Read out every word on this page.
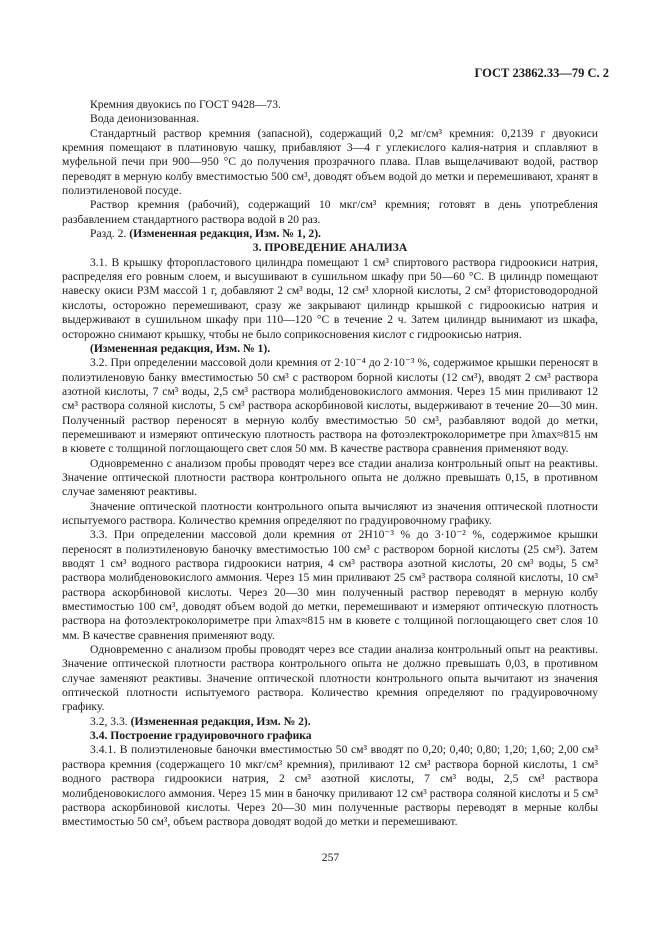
ГОСТ 23862.33—79 С. 2

Кремния двуокись по ГОСТ 9428—73.

Вода деионизованная.

Стандартный раствор кремния (запасной), содержащий 0,2 мг/см³ кремния: 0,2139 г двуокиси кремния помещают в платиновую чашку, прибавляют 3—4 г углекислого калия-натрия и сплавляют в муфельной печи при 900—950 °С до получения прозрачного плава. Плав выщелачивают водой, раствор переводят в мерную колбу вместимостью 500 см³, доводят объем водой до метки и перемешивают, хранят в полиэтиленовой посуде.

Раствор кремния (рабочий), содержащий 10 мкг/см³ кремния; готовят в день употребления разбавлением стандартного раствора водой в 20 раз.

Разд. 2. (Измененная редакция, Изм. № 1, 2).

3. ПРОВЕДЕНИЕ АНАЛИЗА

3.1. В крышку фторопластового цилиндра помещают 1 см³ спиртового раствора гидроокиси натрия, распределяя его ровным слоем, и высушивают в сушильном шкафу при 50—60 °С. В цилиндр помещают навеску окиси РЗМ массой 1 г, добавляют 2 см³ воды, 12 см³ хлорной кислоты, 2 см³ фтористоводородной кислоты, осторожно перемешивают, сразу же закрывают цилиндр крышкой с гидроокисью натрия и выдерживают в сушильном шкафу при 110—120 °С в течение 2 ч. Затем цилиндр вынимают из шкафа, осторожно снимают крышку, чтобы не было соприкосновения кислот с гидроокисью натрия.

(Измененная редакция, Изм. № 1).

3.2. При определении массовой доли кремния от 2·10⁻⁴ до 2·10⁻³ %, содержимое крышки переносят в полиэтиленовую банку вместимостью 50 см³ с раствором борной кислоты (12 см³), вводят 2 см³ раствора азотной кислоты, 7 см³ воды, 2,5 см³ раствора молибденовокислого аммония. Через 15 мин приливают 12 см³ раствора соляной кислоты, 5 см³ раствора аскорбиновой кислоты, выдерживают в течение 20—30 мин. Полученный раствор переносят в мерную колбу вместимостью 50 см³, разбавляют водой до метки, перемешивают и измеряют оптическую плотность раствора на фотоэлектроколориметре при λmax≈815 нм в кювете с толщиной поглощающего свет слоя 50 мм. В качестве раствора сравнения применяют воду.

Одновременно с анализом пробы проводят через все стадии анализа контрольный опыт на реактивы. Значение оптической плотности раствора контрольного опыта не должно превышать 0,15, в противном случае заменяют реактивы.

Значение оптической плотности контрольного опыта вычисляют из значения оптической плотности испытуемого раствора. Количество кремния определяют по градуировочному графику.

3.3. При определении массовой доли кремния от 2Н10⁻³ % до 3·10⁻² %, содержимое крышки переносят в полиэтиленовую баночку вместимостью 100 см³ с раствором борной кислоты (25 см³). Затем вводят 1 см³ водного раствора гидроокиси натрия, 4 см³ раствора азотной кислоты, 20 см³ воды, 5 см³ раствора молибденовокислого аммония. Через 15 мин приливают 25 см³ раствора соляной кислоты, 10 см³ раствора аскорбиновой кислоты. Через 20—30 мин полученный раствор переводят в мерную колбу вместимостью 100 см³, доводят объем водой до метки, перемешивают и измеряют оптическую плотность раствора на фотоэлектроколориметре при λmax≈815 нм в кювете с толщиной поглощающего свет слоя 10 мм. В качестве сравнения применяют воду.

Одновременно с анализом пробы проводят через все стадии анализа контрольный опыт на реактивы. Значение оптической плотности раствора контрольного опыта не должно превышать 0,03, в противном случае заменяют реактивы. Значение оптической плотности контрольного опыта вычитают из значения оптической плотности испытуемого раствора. Количество кремния определяют по градуировочному графику.

3.2, 3.3. (Измененная редакция, Изм. № 2).

3.4. Построение градуировочного графика

3.4.1. В полиэтиленовые баночки вместимостью 50 см³ вводят по 0,20; 0,40; 0,80; 1,20; 1,60; 2,00 см³ раствора кремния (содержащего 10 мкг/см³ кремния), приливают 12 см³ раствора борной кислоты, 1 см³ водного раствора гидроокиси натрия, 2 см³ азотной кислоты, 7 см³ воды, 2,5 см³ раствора молибденовокислого аммония. Через 15 мин в баночку приливают 12 см³ раствора соляной кислоты и 5 см³ раствора аскорбиновой кислоты. Через 20—30 мин полученные растворы переводят в мерные колбы вместимостью 50 см³, объем раствора доводят водой до метки и перемешивают.

257
